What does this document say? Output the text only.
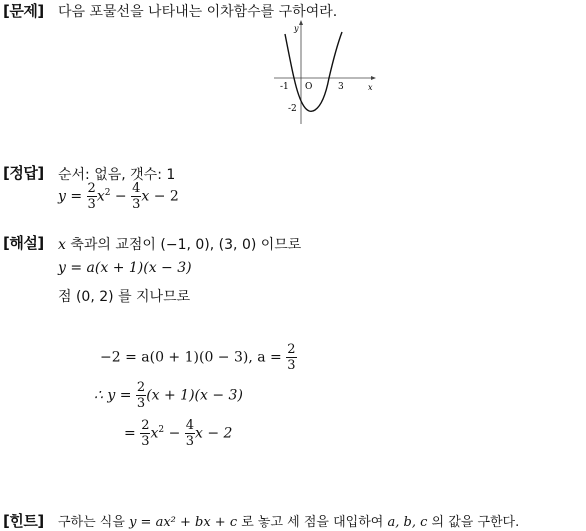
[문제] 다음 포물선을 나타내는 이차함수를 구하여라.
y
x
O
-1	3
-2
[정답] 순서: 없음, 갯수: 1
$y = \frac{2}{3} x^2 - \frac{4}{3}$ x − 2
[해설] x 축과의 교점이 (−1, 0), (3, 0) 이므로
y = a(x + 1)(x − 3)
점 (0, 2) 를 지나므로
−2 = a(0 + 1)(0 − 3), $a = \frac{2}{3}$
∴ $y = \frac{2}{3} (x + 1)(x - 3)$
= $\frac{2}{3} x^2 - \frac{4}{3}$ x − 2
[힌트] 구하는 식을 y = ax² + bx + c 로 놓고 세 점을 대입하여 a, b, c 의 값을 구한다.
